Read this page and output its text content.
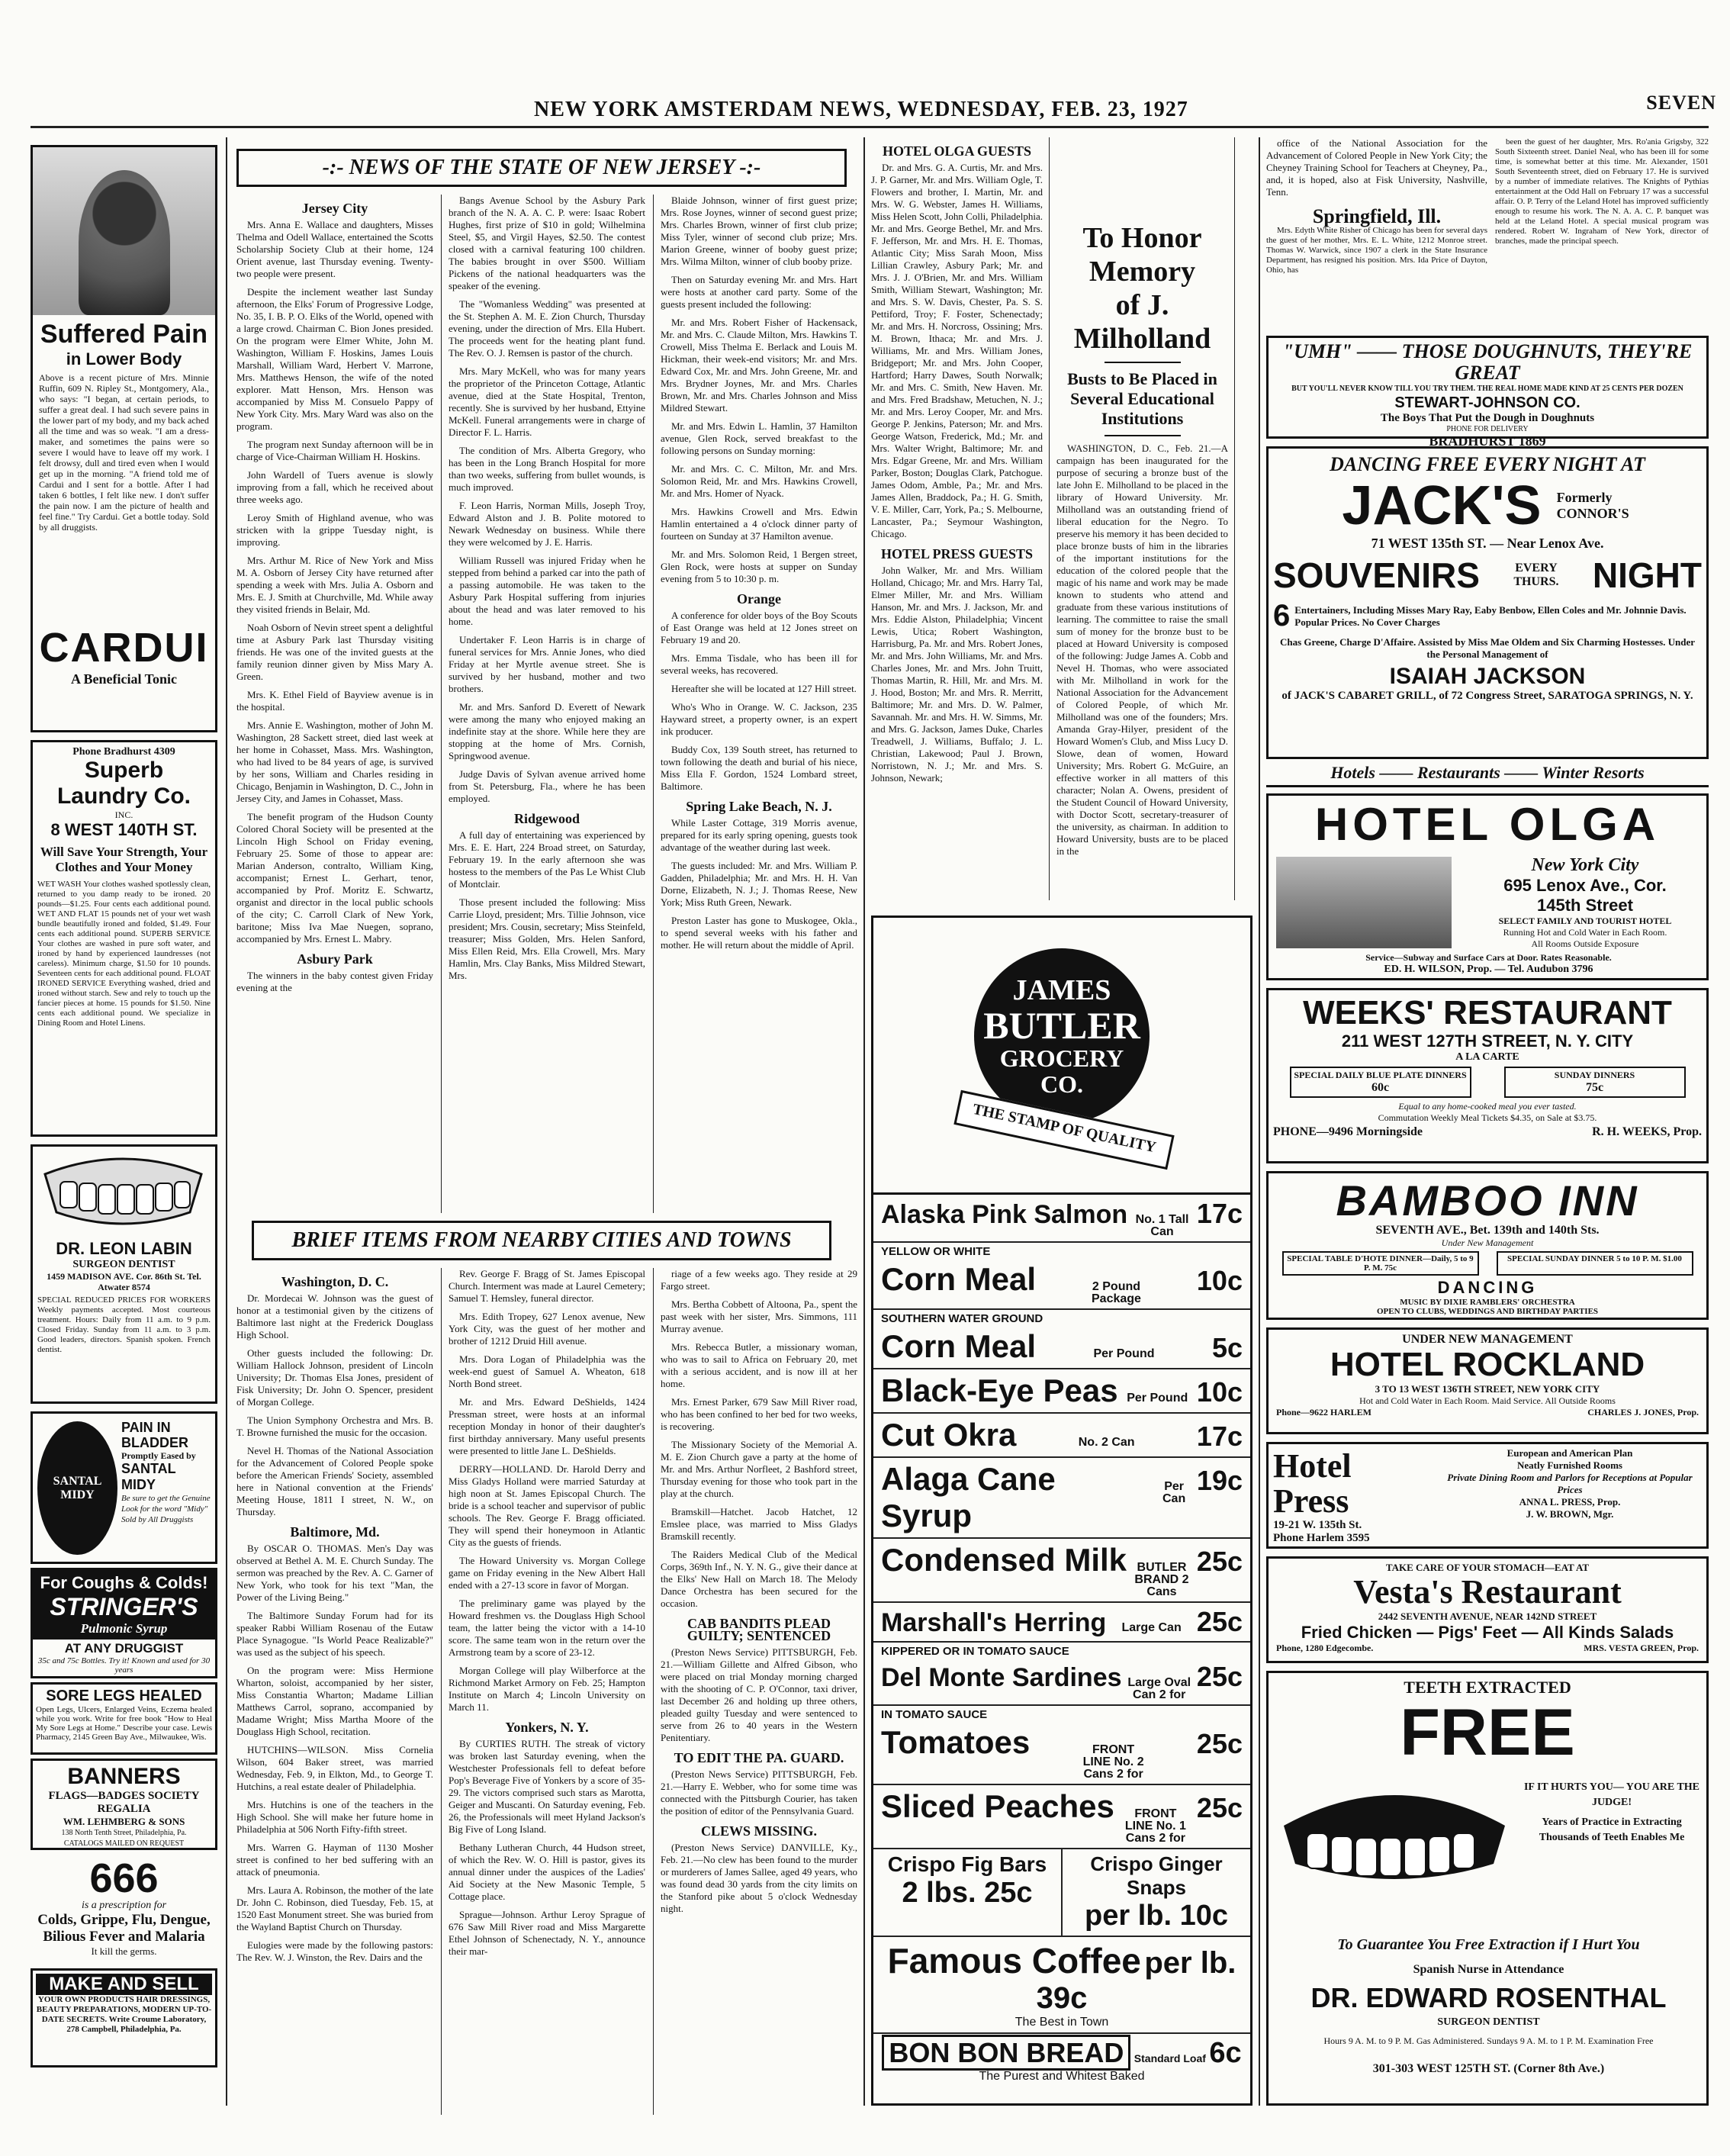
NEW YORK AMSTERDAM NEWS, WEDNESDAY, FEB. 23, 1927	SEVEN
Suffered Pain
in Lower Body
Above is a recent picture of Mrs. Minnie Ruffin, 609 N. Ripley St., Montgomery, Ala., who says: "I began, at certain periods, to suffer a great deal. I had such severe pains in the lower part of my body, and my back ached all the time and was so weak. "I am a dress-maker, and sometimes the pains were so severe I would have to leave off my work. I felt drowsy, dull and tired even when I would get up in the morning. "A friend told me of Cardui and I sent for a bottle. After I had taken 6 bottles, I felt like new. I don't suffer the pain now. I am the picture of health and feel fine." Try Cardui. Get a bottle today. Sold by all druggists.
CARDUI
A Beneficial Tonic
Phone Bradhurst 4309
Superb Laundry Co.
INC.
8 WEST 140TH ST.
Will Save Your Strength, Your Clothes and Your Money
WET WASH Your clothes washed spotlessly clean, returned to you damp ready to be ironed. 20 pounds—$1.25. Four cents each additional pound. WET AND FLAT 15 pounds net of your wet wash bundle beautifully ironed and folded, $1.49. Four cents each additional pound. SUPERB SERVICE Your clothes are washed in pure soft water, and ironed by hand by experienced laundresses (not careless). Minimum charge, $1.50 for 10 pounds. Seventeen cents for each additional pound. FLOAT IRONED SERVICE Everything washed, dried and ironed without starch. Sew and rely to touch up the fancier pieces at home. 15 pounds for $1.50. Nine cents each additional pound. We specialize in Dining Room and Hotel Linens.
DR. LEON LABIN
SURGEON DENTIST
1459 MADISON AVE. Cor. 86th St. Tel. Atwater 8574
SPECIAL REDUCED PRICES FOR WORKERS Weekly payments accepted. Most courteous treatment. Hours: Daily from 11 a.m. to 9 p.m. Closed Friday. Sunday from 11 a.m. to 3 p.m. Good leaders, directors. Spanish spoken. French dentist.
SANTAL MIDY
PAIN IN BLADDER
Promptly Eased by
SANTAL MIDY
Be sure to get the Genuine Look for the word "Midy" Sold by All Druggists
For Coughs & Colds!
STRINGER'S
Pulmonic Syrup
AT ANY DRUGGIST
35c and 75c Bottles. Try it! Known and used for 30 years
SORE LEGS HEALED
Open Legs, Ulcers, Enlarged Veins, Eczema healed while you work. Write for free book "How to Heal My Sore Legs at Home." Describe your case. Lewis Pharmacy, 2145 Green Bay Ave., Milwaukee, Wis.
BANNERS
FLAGS—BADGES SOCIETY REGALIA
WM. LEHMBERG & SONS
138 North Tenth Street, Philadelphia, Pa.
CATALOGS MAILED ON REQUEST
666
is a prescription for
Colds, Grippe, Flu, Dengue, Bilious Fever and Malaria
It kill the germs.
MAKE AND SELL
YOUR OWN PRODUCTS HAIR DRESSINGS, BEAUTY PREPARATIONS, MODERN UP-TO-DATE SECRETS. Write Croume Laboratory, 278 Campbell, Philadelphia, Pa.
-:- NEWS OF THE STATE OF NEW JERSEY -:-
Jersey City

Mrs. Anna E. Wallace and daughters, Misses Thelma and Odell Wallace, entertained the Scotts Scholarship Society Club at their home, 124 Orient avenue, last Thursday evening. Twenty-two people were present.

Despite the inclement weather last Sunday afternoon, the Elks' Forum of Progressive Lodge, No. 35, I. B. P. O. Elks of the World, opened with a large crowd. Chairman C. Bion Jones presided. On the program were Elmer White, John M. Washington, William F. Hoskins, James Louis Marshall, William Ward, Herbert V. Marrone, Mrs. Matthews Henson, the wife of the noted explorer. Matt Henson, Mrs. Henson was accompanied by Miss M. Consuelo Pappy of New York City. Mrs. Mary Ward was also on the program.

The program next Sunday afternoon will be in charge of Vice-Chairman William H. Hoskins.

John Wardell of Tuers avenue is slowly improving from a fall, which he received about three weeks ago.

Leroy Smith of Highland avenue, who was stricken with la grippe Tuesday night, is improving.

Mrs. Arthur M. Rice of New York and Miss M. A. Osborn of Jersey City have returned after spending a week with Mrs. Julia A. Osborn and Mrs. E. J. Smith at Churchville, Md. While away they visited friends in Belair, Md.

Noah Osborn of Nevin street spent a delightful time at Asbury Park last Thursday visiting friends. He was one of the invited guests at the family reunion dinner given by Miss Mary A. Green.

Mrs. K. Ethel Field of Bayview avenue is in the hospital.

Mrs. Annie E. Washington, mother of John M. Washington, 28 Sackett street, died last week at her home in Cohasset, Mass. Mrs. Washington, who had lived to be 84 years of age, is survived by her sons, William and Charles residing in Chicago, Benjamin in Washington, D. C., John in Jersey City, and James in Cohasset, Mass.

The benefit program of the Hudson County Colored Choral Society will be presented at the Lincoln High School on Friday evening, February 25. Some of those to appear are: Marian Anderson, contralto, William King, accompanist; Ernest L. Gerhart, tenor, accompanied by Prof. Moritz E. Schwartz, organist and director in the local public schools of the city; C. Carroll Clark of New York, baritone; Miss Iva Mae Nuegen, soprano, accompanied by Mrs. Ernest L. Mabry.

Asbury Park

The winners in the baby contest given Friday evening at the

Bangs Avenue School by the Asbury Park branch of the N. A. A. C. P. were: Isaac Robert Hughes, first prize of $10 in gold; Wilhelmina Steel, $5, and Virgil Hayes, $2.50. The contest closed with a carnival featuring 100 children. The babies brought in over $500. William Pickens of the national headquarters was the speaker of the evening.

The "Womanless Wedding" was presented at the St. Stephen A. M. E. Zion Church, Thursday evening, under the direction of Mrs. Ella Hubert. The proceeds went for the heating plant fund. The Rev. O. J. Remsen is pastor of the church.

Mrs. Mary McKell, who was for many years the proprietor of the Princeton Cottage, Atlantic avenue, died at the State Hospital, Trenton, recently. She is survived by her husband, Ettyine McKell. Funeral arrangements were in charge of Director F. L. Harris.

The condition of Mrs. Alberta Gregory, who has been in the Long Branch Hospital for more than two weeks, suffering from bullet wounds, is much improved.

F. Leon Harris, Norman Mills, Joseph Troy, Edward Alston and J. B. Polite motored to Newark Wednesday on business. While there they were welcomed by J. E. Harris.

William Russell was injured Friday when he stepped from behind a parked car into the path of a passing automobile. He was taken to the Asbury Park Hospital suffering from injuries about the head and was later removed to his home.

Undertaker F. Leon Harris is in charge of funeral services for Mrs. Annie Jones, who died Friday at her Myrtle avenue street. She is survived by her husband, mother and two brothers.

Mr. and Mrs. Sanford D. Everett of Newark were among the many who enjoyed making an indefinite stay at the shore. While here they are stopping at the home of Mrs. Cornish, Springwood avenue.

Judge Davis of Sylvan avenue arrived home from St. Petersburg, Fla., where he has been employed.

Ridgewood

A full day of entertaining was experienced by Mrs. E. E. Hart, 224 Broad street, on Saturday, February 19. In the early afternoon she was hostess to the members of the Pas Le Whist Club of Montclair.

Those present included the following: Miss Carrie Lloyd, president; Mrs. Tillie Johnson, vice president; Mrs. Cousin, secretary; Miss Steinfeld, treasurer; Miss Golden, Mrs. Helen Sanford, Miss Ellen Reid, Mrs. Ella Crowell, Mrs. Mary Hamlin, Mrs. Clay Banks, Miss Mildred Stewart, Mrs.

Blaide Johnson, winner of first guest prize; Mrs. Rose Joynes, winner of second guest prize; Mrs. Charles Brown, winner of first club prize; Miss Tyler, winner of second club prize; Mrs. Marion Greene, winner of booby guest prize; Mrs. Wilma Milton, winner of club booby prize.

Then on Saturday evening Mr. and Mrs. Hart were hosts at another card party. Some of the guests present included the following:

Mr. and Mrs. Robert Fisher of Hackensack, Mr. and Mrs. C. Claude Milton, Mrs. Hawkins T. Crowell, Miss Thelma E. Berlack and Louis M. Hickman, their week-end visitors; Mr. and Mrs. Edward Cox, Mr. and Mrs. John Greene, Mr. and Mrs. Brydner Joynes, Mr. and Mrs. Charles Brown, Mr. and Mrs. Charles Johnson and Miss Mildred Stewart.

Mr. and Mrs. Edwin L. Hamlin, 37 Hamilton avenue, Glen Rock, served breakfast to the following persons on Sunday morning:

Mr. and Mrs. C. C. Milton, Mr. and Mrs. Solomon Reid, Mr. and Mrs. Hawkins Crowell, Mr. and Mrs. Homer of Nyack.

Mrs. Hawkins Crowell and Mrs. Edwin Hamlin entertained a 4 o'clock dinner party of fourteen on Sunday at 37 Hamilton avenue.

Mr. and Mrs. Solomon Reid, 1 Bergen street, Glen Rock, were hosts at supper on Sunday evening from 5 to 10:30 p. m.

Orange

A conference for older boys of the Boy Scouts of East Orange was held at 12 Jones street on February 19 and 20.

Mrs. Emma Tisdale, who has been ill for several weeks, has recovered.

Hereafter she will be located at 127 Hill street.

Who's Who in Orange. W. C. Jackson, 235 Hayward street, a property owner, is an expert ink producer.

Buddy Cox, 139 South street, has returned to town following the death and burial of his niece, Miss Ella F. Gordon, 1524 Lombard street, Baltimore.

Spring Lake Beach, N. J.

While Laster Cottage, 319 Morris avenue, prepared for its early spring opening, guests took advantage of the weather during last week.

The guests included: Mr. and Mrs. William P. Gadden, Philadelphia; Mr. and Mrs. H. H. Van Dorne, Elizabeth, N. J.; J. Thomas Reese, New York; Miss Ruth Green, Newark.

Preston Laster has gone to Muskogee, Okla., to spend several weeks with his father and mother. He will return about the middle of April.

BRIEF ITEMS FROM NEARBY CITIES AND TOWNS
Washington, D. C.

Dr. Mordecai W. Johnson was the guest of honor at a testimonial given by the citizens of Baltimore last night at the Frederick Douglass High School.

Other guests included the following: Dr. William Hallock Johnson, president of Lincoln University; Dr. Thomas Elsa Jones, president of Fisk University; Dr. John O. Spencer, president of Morgan College.

The Union Symphony Orchestra and Mrs. B. T. Browne furnished the music for the occasion.

Nevel H. Thomas of the National Association for the Advancement of Colored People spoke before the American Friends' Society, assembled here in National convention at the Friends' Meeting House, 1811 I street, N. W., on Thursday.

Baltimore, Md.

By OSCAR O. THOMAS. Men's Day was observed at Bethel A. M. E. Church Sunday. The sermon was preached by the Rev. A. C. Garner of New York, who took for his text "Man, the Power of the Living Being."

The Baltimore Sunday Forum had for its speaker Rabbi William Rosenau of the Eutaw Place Synagogue. "Is World Peace Realizable?" was used as the subject of his speech.

On the program were: Miss Hermione Wharton, soloist, accompanied by her sister, Miss Constantia Wharton; Madame Lillian Matthews Carrol, soprano, accompanied by Madame Wright; Miss Martha Moore of the Douglass High School, recitation.

HUTCHINS—WILSON. Miss Cornelia Wilson, 604 Baker street, was married Wednesday, Feb. 9, in Elkton, Md., to George T. Hutchins, a real estate dealer of Philadelphia.

Mrs. Hutchins is one of the teachers in the High School. She will make her future home in Philadelphia at 506 North Fifty-fifth street.

Mrs. Warren G. Hayman of 1130 Mosher street is confined to her bed suffering with an attack of pneumonia.

Mrs. Laura A. Robinson, the mother of the late Dr. John C. Robinson, died Tuesday, Feb. 15, at 1520 East Monument street. She was buried from the Wayland Baptist Church on Thursday.

Eulogies were made by the following pastors: The Rev. W. J. Winston, the Rev. Dairs and the

Rev. George F. Bragg of St. James Episcopal Church. Interment was made at Laurel Cemetery; Samuel T. Hemsley, funeral director.

Mrs. Edith Tropey, 627 Lenox avenue, New York City, was the guest of her mother and brother of 1212 Druid Hill avenue.

Mrs. Dora Logan of Philadelphia was the week-end guest of Samuel A. Wheaton, 618 North Bond street.

Mr. and Mrs. Edward DeShields, 1424 Pressman street, were hosts at an informal reception Monday in honor of their daughter's first birthday anniversary. Many useful presents were presented to little Jane L. DeShields.

DERRY—HOLLAND. Dr. Harold Derry and Miss Gladys Holland were married Saturday at high noon at St. James Episcopal Church. The bride is a school teacher and supervisor of public schools. The Rev. George F. Bragg officiated. They will spend their honeymoon in Atlantic City as the guests of friends.

The Howard University vs. Morgan College game on Friday evening in the New Albert Hall ended with a 27-13 score in favor of Morgan.

The preliminary game was played by the Howard freshmen vs. the Douglass High School team, the latter being the victor with a 14-10 score. The same team won in the return over the Armstrong team by a score of 23-12.

Morgan College will play Wilberforce at the Richmond Market Armory on Feb. 25; Hampton Institute on March 4; Lincoln University on March 11.

Yonkers, N. Y.

By CURTIES RUTH. The streak of victory was broken last Saturday evening, when the Westchester Professionals fell to defeat before Pop's Beverage Five of Yonkers by a score of 35-29. The victors comprised such stars as Marotta, Geiger and Muscanti. On Saturday evening, Feb. 26, the Professionals will meet Hyland Jackson's Big Five of Long Island.

Bethany Lutheran Church, 44 Hudson street, of which the Rev. W. O. Hill is pastor, gives its annual dinner under the auspices of the Ladies' Aid Society at the New Masonic Temple, 5 Cottage place.

Sprague—Johnson. Arthur Leroy Sprague of 676 Saw Mill River road and Miss Margarette Ethel Johnson of Schenectady, N. Y., announce their mar-

riage of a few weeks ago. They reside at 29 Fargo street.

Mrs. Bertha Cobbett of Altoona, Pa., spent the past week with her sister, Mrs. Simmons, 111 Murray avenue.

Mrs. Rebecca Butler, a missionary woman, who was to sail to Africa on February 20, met with a serious accident, and is now ill at her home.

Mrs. Ernest Parker, 679 Saw Mill River road, who has been confined to her bed for two weeks, is recovering.

The Missionary Society of the Memorial A. M. E. Zion Church gave a party at the home of Mr. and Mrs. Arthur Norfleet, 2 Bashford street, Thursday evening for those who took part in the play at the church.

Bramskill—Hatchet. Jacob Hatchet, 12 Emslee place, was married to Miss Gladys Bramskill recently.

The Raiders Medical Club of the Medical Corps, 369th Inf., N. Y. N. G., give their dance at the Elks' New Hall on March 18. The Melody Dance Orchestra has been secured for the occasion.

CAB BANDITS PLEAD GUILTY; SENTENCED

(Preston News Service) PITTSBURGH, Feb. 21.—William Gillette and Alfred Gibson, who were placed on trial Monday morning charged with the shooting of C. P. O'Connor, taxi driver, last December 26 and holding up three others, pleaded guilty Tuesday and were sentenced to serve from 26 to 40 years in the Western Penitentiary.

TO EDIT THE PA. GUARD.

(Preston News Service) PITTSBURGH, Feb. 21.—Harry E. Webber, who for some time was connected with the Pittsburgh Courier, has taken the position of editor of the Pennsylvania Guard.

CLEWS MISSING.

(Preston News Service) DANVILLE, Ky., Feb. 21.—No clew has been found to the murder or murderers of James Sallee, aged 49 years, who was found dead 30 yards from the city limits on the Stanford pike about 5 o'clock Wednesday night.

HOTEL OLGA GUESTS

Dr. and Mrs. G. A. Curtis, Mr. and Mrs. J. P. Garner, Mr. and Mrs. William Ogle, T. Flowers and brother, I. Martin, Mr. and Mrs. W. G. Webster, James H. Williams, Miss Helen Scott, John Colli, Philadelphia. Mr. and Mrs. George Bethel, Mr. and Mrs. F. Jefferson, Mr. and Mrs. H. E. Thomas, Atlantic City; Miss Sarah Moon, Miss Lillian Crawley, Asbury Park; Mr. and Mrs. J. J. O'Brien, Mr. and Mrs. William Smith, William Stewart, Washington; Mr. and Mrs. S. W. Davis, Chester, Pa. S. S. Pettiford, Troy; F. Foster, Schenectady; Mr. and Mrs. H. Norcross, Ossining; Mrs. M. Brown, Ithaca; Mr. and Mrs. J. Williams, Mr. and Mrs. William Jones, Bridgeport; Mr. and Mrs. John Cooper, Hartford; Harry Dawes, South Norwalk; Mr. and Mrs. C. Smith, New Haven. Mr. and Mrs. Fred Bradshaw, Metuchen, N. J.; Mr. and Mrs. Leroy Cooper, Mr. and Mrs. George P. Jenkins, Paterson; Mr. and Mrs. George Watson, Frederick, Md.; Mr. and Mrs. Walter Wright, Baltimore; Mr. and Mrs. Edgar Greene, Mr. and Mrs. William Parker, Boston; Douglas Clark, Patchogue. James Odom, Amble, Pa.; Mr. and Mrs. James Allen, Braddock, Pa.; H. G. Smith, V. E. Miller, Carr, York, Pa.; S. Melbourne, Lancaster, Pa.; Seymour Washington, Chicago.

HOTEL PRESS GUESTS

John Walker, Mr. and Mrs. William Holland, Chicago; Mr. and Mrs. Harry Tal, Elmer Miller, Mr. and Mrs. William Hanson, Mr. and Mrs. J. Jackson, Mr. and Mrs. Eddie Alston, Philadelphia; Vincent Lewis, Utica; Robert Washington, Harrisburg, Pa. Mr. and Mrs. Robert Jones, Mr. and Mrs. John Williams, Mr. and Mrs. Charles Jones, Mr. and Mrs. John Truitt, Thomas Martin, R. Hill, Mr. and Mrs. M. J. Hood, Boston; Mr. and Mrs. R. Merritt, Baltimore; Mr. and Mrs. D. W. Palmer, Savannah. Mr. and Mrs. H. W. Simms, Mr. and Mrs. G. Jackson, James Duke, Charles Treadwell, J. Williams, Buffalo; J. L. Christian, Lakewood; Paul J. Brown, Norristown, N. J.; Mr. and Mrs. S. Johnson, Newark;

To Honor Memory
of J. Milholland
Busts to Be Placed in Several Educational Institutions

WASHINGTON, D. C., Feb. 21.—A campaign has been inaugurated for the purpose of securing a bronze bust of the late John E. Milholland to be placed in the library of Howard University. Mr. Milholland was an outstanding friend of liberal education for the Negro. To preserve his memory it has been decided to place bronze busts of him in the libraries of the important institutions for the education of the colored people that the magic of his name and work may be made known to students who attend and graduate from these various institutions of learning. The committee to raise the small sum of money for the bronze bust to be placed at Howard University is composed of the following: Judge James A. Cobb and Nevel H. Thomas, who were associated with Mr. Milholland in work for the National Association for the Advancement of Colored People, of which Mr. Milholland was one of the founders; Mrs. Amanda Gray-Hilyer, president of the Howard Women's Club, and Miss Lucy D. Slowe, dean of women, Howard University; Mrs. Robert G. McGuire, an effective worker in all matters of this character; Nolan A. Owens, president of the Student Council of Howard University, with Doctor Scott, secretary-treasurer of the university, as chairman. In addition to Howard University, busts are to be placed in the

JAMES
BUTLER
GROCERY
CO.
THE STAMP OF QUALITY
Alaska Pink Salmon No. 1 Tall Can
17c
YELLOW OR WHITE
Corn Meal	2 Pound Package
10c
SOUTHERN WATER GROUND
Corn Meal	Per Pound 5c
Black-Eye Peas Per Pound 10c
Cut Okra	No. 2 Can 17c
Alaga Cane Syrup
Per Can
19c
Condensed Milk BUTLER BRAND 2 Cans
25c
Marshall's Herring Large Can 25c
KIPPERED OR IN TOMATO SAUCE
Del Monte Sardines Large Oval Can 2 for
25c
IN TOMATO SAUCE
Tomatoes	FRONT LINE No. 2 Cans 2 for
25c
Sliced Peaches	FRONT LINE No. 1 Cans 2 for
25c
Crispo Fig Bars
2 lbs. 25c
Crispo Ginger Snaps
per lb. 10c
Famous Coffee per lb. 39c
The Best in Town
BON BON BREAD Standard Loaf 6c
The Purest and Whitest Baked

office of the National Association for the Advancement of Colored People in New York City; the Cheyney Training School for Teachers at Cheyney, Pa., and, it is hoped, also at Fisk University, Nashville, Tenn.

Springfield, Ill.

Mrs. Edyth White Risher of Chicago has been for several days the guest of her mother, Mrs. E. L. White, 1212 Monroe street. Thomas W. Warwick, since 1907 a clerk in the State Insurance Department, has resigned his position. Mrs. Ida Price of Dayton, Ohio, has

been the guest of her daughter, Mrs. Ro'ania Grigsby, 322 South Sixteenth street. Daniel Neal, who has been ill for some time, is somewhat better at this time. Mr. Alexander, 1501 South Seventeenth street, died on February 17. He is survived by a number of immediate relatives. The Knights of Pythias entertainment at the Odd Hall on February 17 was a successful affair. O. P. Terry of the Leland Hotel has improved sufficiently enough to resume his work. The N. A. A. C. P. banquet was held at the Leland Hotel. A special musical program was rendered. Robert W. Ingraham of New York, director of branches, made the principal speech.

"UMH" —— THOSE DOUGHNUTS, THEY'RE GREAT
BUT YOU'LL NEVER KNOW TILL YOU TRY THEM. THE REAL HOME MADE KIND AT 25 CENTS PER DOZEN
STEWART-JOHNSON CO.
The Boys That Put the Dough in Doughnuts
PHONE FOR DELIVERY
BRADHURST 1869
DANCING FREE EVERY NIGHT AT
JACK'S Formerly CONNOR'S
71 WEST 135th ST. — Near Lenox Ave.
SOUVENIRS	EVERY THURS. NIGHT
6 Entertainers, Including Misses Mary Ray, Eaby Benbow, Ellen Coles and Mr. Johnnie Davis. Popular Prices. No Cover Charges
Chas Greene, Charge D'Affaire. Assisted by Miss Mae Oldem and Six Charming Hostesses. Under the Personal Management of
ISAIAH JACKSON
of JACK'S CABARET GRILL, of 72 Congress Street, SARATOGA SPRINGS, N. Y.
Hotels —— Restaurants —— Winter Resorts
HOTEL OLGA
New York City
695 Lenox Ave., Cor.
145th Street
SELECT FAMILY AND TOURIST HOTEL
Running Hot and Cold Water in Each Room.
All Rooms Outside Exposure
Service—Subway and Surface Cars at Door. Rates Reasonable.
ED. H. WILSON, Prop. — Tel. Audubon 3796
WEEKS' RESTAURANT
211 WEST 127TH STREET, N. Y. CITY
A LA CARTE
SPECIAL DAILY BLUE PLATE DINNERS
60c
SUNDAY DINNERS
75c
Equal to any home-cooked meal you ever tasted.
Commutation Weekly Meal Tickets $4.35, on Sale at $3.75.
PHONE—9496 Morningside	R. H. WEEKS, Prop.
BAMBOO INN
SEVENTH AVE., Bet. 139th and 140th Sts.
Under New Management
SPECIAL TABLE D'HOTE DINNER—Daily, 5 to 9 P. M. 75c
SPECIAL SUNDAY DINNER 5 to 10 P. M. $1.00
DANCING
MUSIC BY DIXIE RAMBLERS' ORCHESTRA
OPEN TO CLUBS, WEDDINGS AND BIRTHDAY PARTIES
UNDER NEW MANAGEMENT
HOTEL ROCKLAND
3 TO 13 WEST 136TH STREET, NEW YORK CITY
Hot and Cold Water in Each Room. Maid Service. All Outside Rooms
Phone—9622 HARLEM	CHARLES J. JONES, Prop.
Hotel Press
19-21 W. 135th St.
Phone Harlem 3595
European and American Plan
Neatly Furnished Rooms
Private Dining Room and Parlors for Receptions at Popular Prices
ANNA L. PRESS, Prop.
J. W. BROWN, Mgr.
TAKE CARE OF YOUR STOMACH—EAT AT
Vesta's Restaurant
2442 SEVENTH AVENUE, NEAR 142ND STREET
Fried Chicken — Pigs' Feet — All Kinds Salads
Phone, 1280 Edgecombe.	MRS. VESTA GREEN, Prop.
TEETH EXTRACTED
FREE
IF IT HURTS YOU— YOU ARE THE JUDGE!
Years of Practice in Extracting Thousands of Teeth Enables Me
To Guarantee You Free Extraction if I Hurt You
Spanish Nurse in Attendance
DR. EDWARD ROSENTHAL
SURGEON DENTIST
Hours 9 A. M. to 9 P. M. Gas Administered. Sundays 9 A. M. to 1 P. M. Examination Free
301-303 WEST 125TH ST. (Corner 8th Ave.)
